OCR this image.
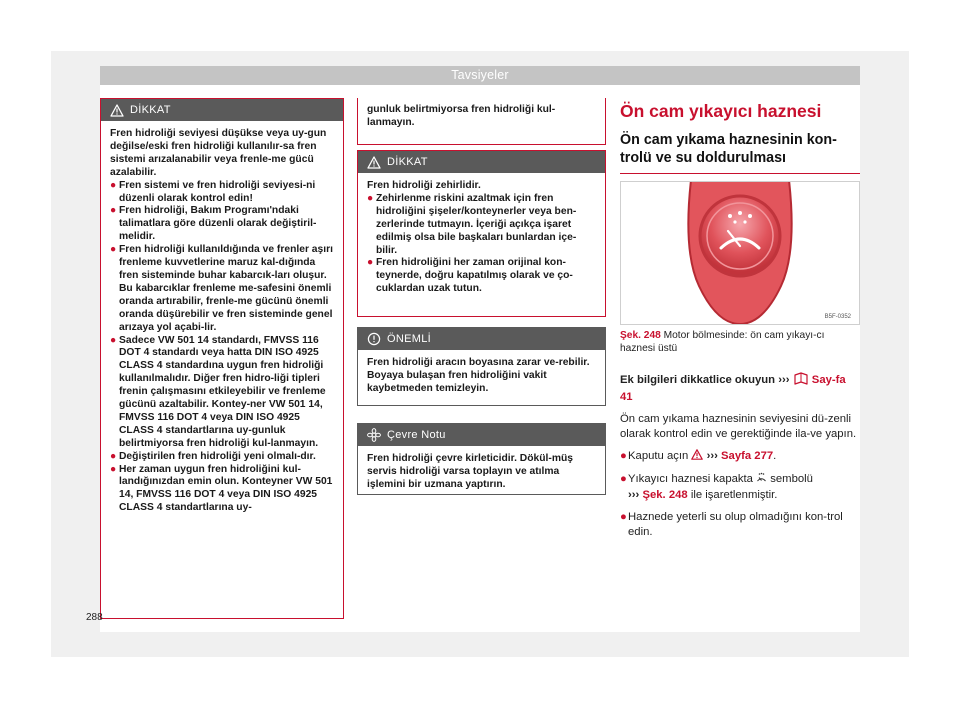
Tavsiyeler
DİKKAT

Fren hidroliği seviyesi düşükse veya uy-gun değilse/eski fren hidroliği kullanılır-sa fren sistemi arızalanabilir veya frenle-me gücü azalabilir.

● Fren sistemi ve fren hidroliği seviyesi-ni düzenli olarak kontrol edin!

● Fren hidroliği, Bakım Programı'ndaki talimatlara göre düzenli olarak değiştiril-melidir.

● Fren hidroliği kullanıldığında ve frenler aşırı frenleme kuvvetlerine maruz kal-dığında fren sisteminde buhar kabarcık-ları oluşur. Bu kabarcıklar frenleme me-safesini önemli oranda artırabilir, frenle-me gücünü önemli oranda düşürebilir ve fren sisteminde genel arızaya yol açabi-lir.

● Sadece VW 501 14 standardı, FMVSS 116 DOT 4 standardı veya hatta DIN ISO 4925 CLASS 4 standardına uygun fren hidroliği kullanılmalıdır. Diğer fren hidro-liği tipleri frenin çalışmasını etkileyebilir ve frenleme gücünü azaltabilir. Kontey-ner VW 501 14, FMVSS 116 DOT 4 veya DIN ISO 4925 CLASS 4 standartlarına uy-gunluk belirtmiyorsa fren hidroliği kul-lanmayın.

● Değiştirilen fren hidroliği yeni olmalı-dır.

● Her zaman uygun fren hidroliğini kul-landığınızdan emin olun. Konteyner VW 501 14, FMVSS 116 DOT 4 veya DIN ISO 4925 CLASS 4 standartlarına uy-

gunluk belirtmiyorsa fren hidroliği kul-lanmayın.

DİKKAT

Fren hidroliği zehirlidir.

● Zehirlenme riskini azaltmak için fren hidroliğini şişeler/konteynerler veya ben-zerlerinde tutmayın. İçeriği açıkça işaret edilmiş olsa bile başkaları bunlardan içe-bilir.

● Fren hidroliğini her zaman orijinal kon-teynerde, doğru kapatılmış olarak ve ço-cuklardan uzak tutun.

ÖNEMLİ

Fren hidroliği aracın boyasına zarar ve-rebilir. Boyaya bulaşan fren hidroliğini vakit kaybetmeden temizleyin.

Çevre Notu

Fren hidroliği çevre kirleticidir. Dökül-müş servis hidroliği varsa toplayın ve atılma işlemini bir uzmana yaptırın.

Ön cam yıkayıcı haznesi

Ön cam yıkama haznesinin kon-trolü ve su doldurulması

B5F-0352
Şek. 248 Motor bölmesinde: ön cam yıkayı-cı haznesi üstü

Ek bilgileri dikkatlice okuyun ››› Say-fa 41

Ön cam yıkama haznesinin seviyesini dü-zenli olarak kontrol edin ve gerektiğinde ila-ve yapın.

● Kaputu açın ››› Sayfa 277.

● Yıkayıcı haznesi kapakta sembolü
››› Şek. 248 ile işaretlenmiştir.

● Haznede yeterli su olup olmadığını kon-trol edin.

288
